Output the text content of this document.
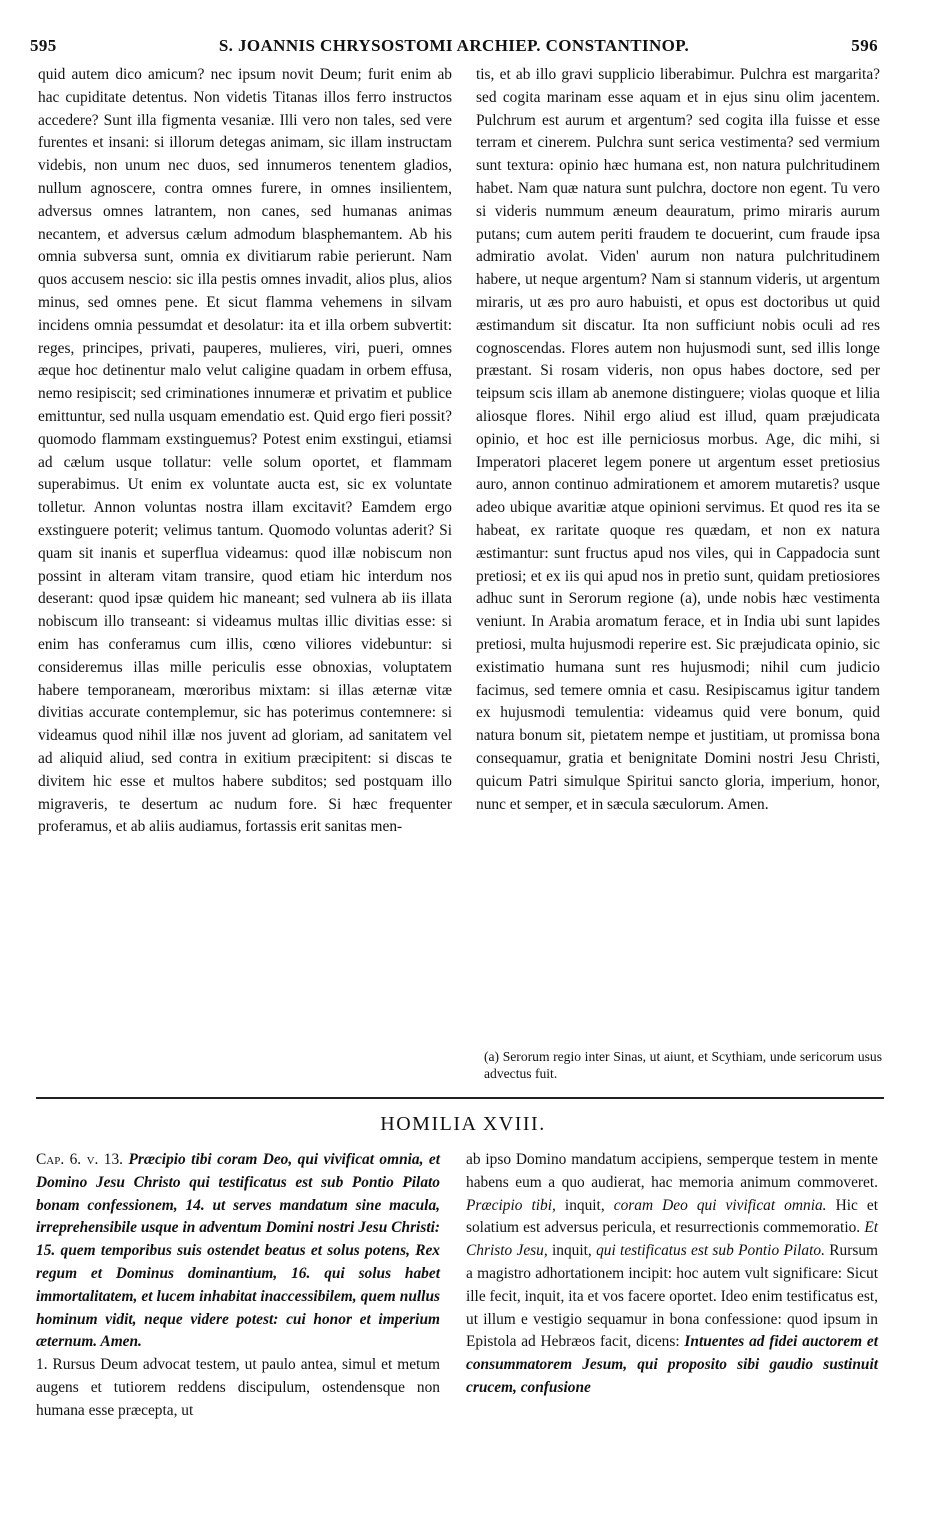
595	S. JOANNIS CHRYSOSTOMI ARCHIEP. CONSTANTINOP.	596

quid autem dico amicum? nec ipsum novit Deum; furit enim ab hac cupiditate detentus. Non videtis Titanas illos ferro instructos accedere? Sunt illa figmenta vesaniæ. Illi vero non tales, sed vere furentes et insani: si illorum detegas animam, sic illam instructam videbis, non unum nec duos, sed innumeros tenentem gladios, nullum agnoscere, contra omnes furere, in omnes insilientem, adversus omnes latrantem, non canes, sed humanas animas necantem, et adversus cælum admodum blasphemantem. Ab his omnia subversa sunt, omnia ex divitiarum rabie perierunt. Nam quos accusem nescio: sic illa pestis omnes invadit, alios plus, alios minus, sed omnes pene. Et sicut flamma vehemens in silvam incidens omnia pessumdat et desolatur: ita et illa orbem subvertit: reges, principes, privati, pauperes, mulieres, viri, pueri, omnes æque hoc detinentur malo velut caligine quadam in orbem effusa, nemo resipiscit; sed criminationes innumeræ et privatim et publice emittuntur, sed nulla usquam emendatio est. Quid ergo fieri possit? quomodo flammam exstinguemus? Potest enim exstingui, etiamsi ad cælum usque tollatur: velle solum oportet, et flammam superabimus. Ut enim ex voluntate aucta est, sic ex voluntate tolletur. Annon voluntas nostra illam excitavit? Eamdem ergo exstinguere poterit; velimus tantum. Quomodo voluntas aderit? Si quam sit inanis et superflua videamus: quod illæ nobiscum non possint in alteram vitam transire, quod etiam hic interdum nos deserant: quod ipsæ quidem hic maneant; sed vulnera ab iis illata nobiscum illo transeant: si videamus multas illic divitias esse: si enim has conferamus cum illis, cœno viliores videbuntur: si consideremus illas mille periculis esse obnoxias, voluptatem habere temporaneam, mœroribus mixtam: si illas æternæ vitæ divitias accurate contemplemur, sic has poterimus contemnere: si videamus quod nihil illæ nos juvent ad gloriam, ad sanitatem vel ad aliquid aliud, sed contra in exitium præcipitent: si discas te divitem hic esse et multos habere subditos; sed postquam illo migraveris, te desertum ac nudum fore. Si hæc frequenter proferamus, et ab aliis audiamus, fortassis erit sanitas men-

tis, et ab illo gravi supplicio liberabimur. Pulchra est margarita? sed cogita marinam esse aquam et in ejus sinu olim jacentem. Pulchrum est aurum et argentum? sed cogita illa fuisse et esse terram et cinerem. Pulchra sunt serica vestimenta? sed vermium sunt textura: opinio hæc humana est, non natura pulchritudinem habet. Nam quæ natura sunt pulchra, doctore non egent. Tu vero si videris nummum æneum deauratum, primo miraris aurum putans; cum autem periti fraudem te docuerint, cum fraude ipsa admiratio avolat. Viden' aurum non natura pulchritudinem habere, ut neque argentum? Nam si stannum videris, ut argentum miraris, ut æs pro auro habuisti, et opus est doctoribus ut quid æstimandum sit discatur. Ita non sufficiunt nobis oculi ad res cognoscendas. Flores autem non hujusmodi sunt, sed illis longe præstant. Si rosam videris, non opus habes doctore, sed per teipsum scis illam ab anemone distinguere; violas quoque et lilia aliosque flores. Nihil ergo aliud est illud, quam præjudicata opinio, et hoc est ille perniciosus morbus. Age, dic mihi, si Imperatori placeret legem ponere ut argentum esset pretiosius auro, annon continuo admirationem et amorem mutaretis? usque adeo ubique avaritiæ atque opinioni servimus. Et quod res ita se habeat, ex raritate quoque res quædam, et non ex natura æstimantur: sunt fructus apud nos viles, qui in Cappadocia sunt pretiosi; et ex iis qui apud nos in pretio sunt, quidam pretiosiores adhuc sunt in Serorum regione (a), unde nobis hæc vestimenta veniunt. In Arabia aromatum ferace, et in India ubi sunt lapides pretiosi, multa hujusmodi reperire est. Sic præjudicata opinio, sic existimatio humana sunt res hujusmodi; nihil cum judicio facimus, sed temere omnia et casu. Resipiscamus igitur tandem ex hujusmodi temulentia: videamus quid vere bonum, quid natura bonum sit, pietatem nempe et justitiam, ut promissa bona consequamur, gratia et benignitate Domini nostri Jesu Christi, quicum Patri simulque Spiritui sancto gloria, imperium, honor, nunc et semper, et in sæcula sæculorum. Amen.

(a) Serorum regio inter Sinas, ut aiunt, et Scythiam, unde sericorum usus advectus fuit.
HOMILIA XVIII.

Cap. 6. v. 13. Præcipio tibi coram Deo, qui vivificat omnia, et Domino Jesu Christo qui testificatus est sub Pontio Pilato bonam confessionem, 14. ut serves mandatum sine macula, irreprehensibile usque in adventum Domini nostri Jesu Christi: 15. quem temporibus suis ostendet beatus et solus potens, Rex regum et Dominus dominantium, 16. qui solus habet immortalitatem, et lucem inhabitat inaccessibilem, quem nullus hominum vidit, neque videre potest: cui honor et imperium æternum. Amen.

1. Rursus Deum advocat testem, ut paulo antea, simul et metum augens et tutiorem reddens discipulum, ostendensque non humana esse præcepta, ut

ab ipso Domino mandatum accipiens, semperque testem in mente habens eum a quo audierat, hac memoria animum commoveret. Præcipio tibi, inquit, coram Deo qui vivificat omnia. Hic et solatium est adversus pericula, et resurrectionis commemoratio. Et Christo Jesu, inquit, qui testificatus est sub Pontio Pilato. Rursum a magistro adhortationem incipit: hoc autem vult significare: Sicut ille fecit, inquit, ita et vos facere oportet. Ideo enim testificatus est, ut illum e vestigio sequamur in bona confessione: quod ipsum in Epistola ad Hebræos facit, dicens: Intuentes ad fidei auctorem et consummatorem Jesum, qui proposito sibi gaudio sustinuit crucem, confusione
